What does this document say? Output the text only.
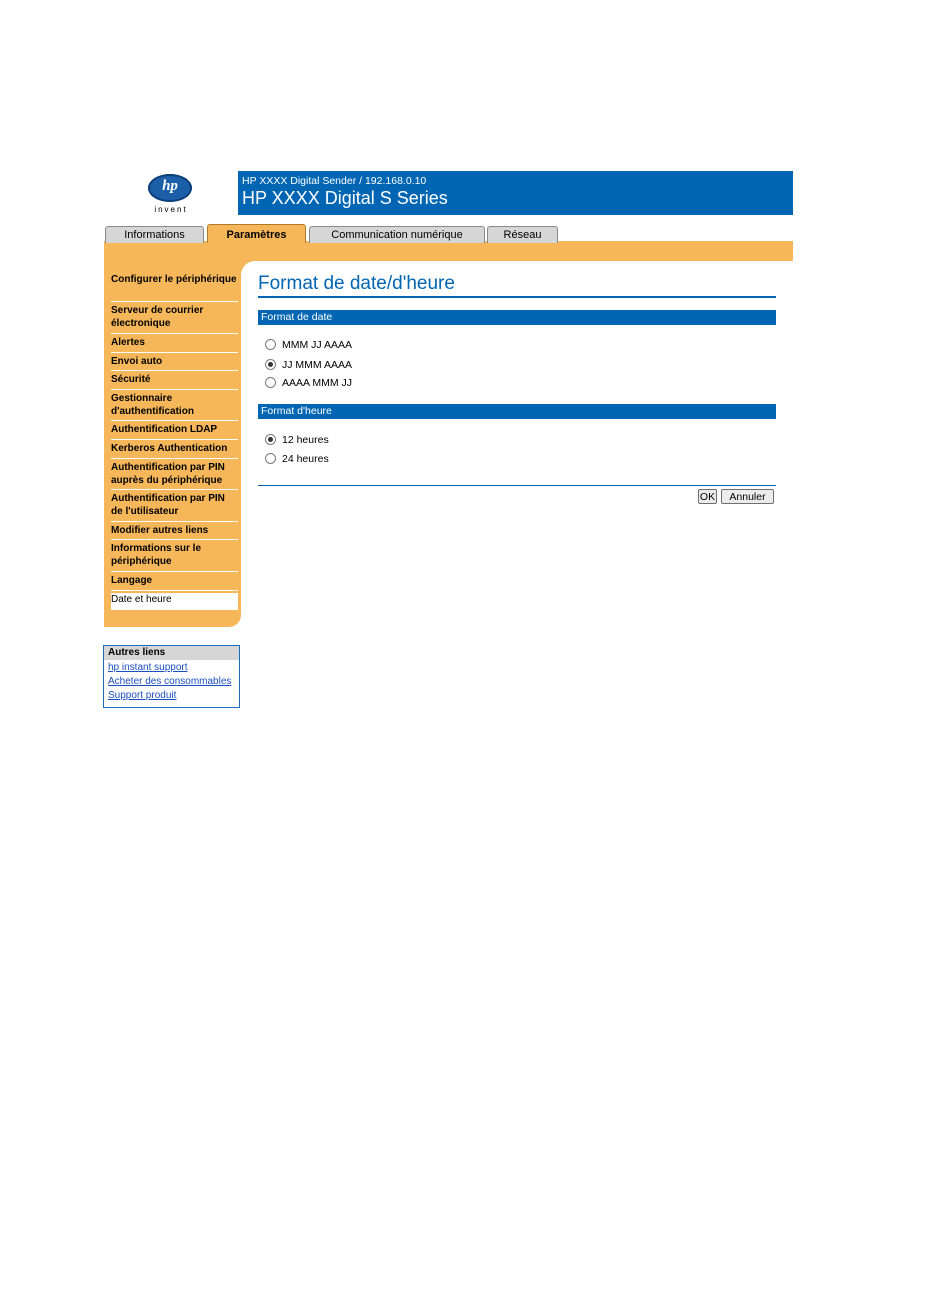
hp
invent
HP XXXX Digital Sender / 192.168.0.10
HP XXXX Digital S Series
Informations	Paramètres	Communication numérique	Réseau
Configurer le périphérique
Serveur de courrier électronique
Alertes
Envoi auto
Sécurité
Gestionnaire d'authentification
Authentification LDAP
Kerberos Authentication
Authentification par PIN auprès du périphérique
Authentification par PIN de l'utilisateur
Modifier autres liens
Informations sur le périphérique
Langage
Date et heure
Autres liens
hp instant support
Acheter des consommables
Support produit
Format de date/d'heure
Format de date
MMM JJ AAAA
JJ MMM AAAA
AAAA MMM JJ
Format d'heure
12 heures
24 heures
OK	Annuler
